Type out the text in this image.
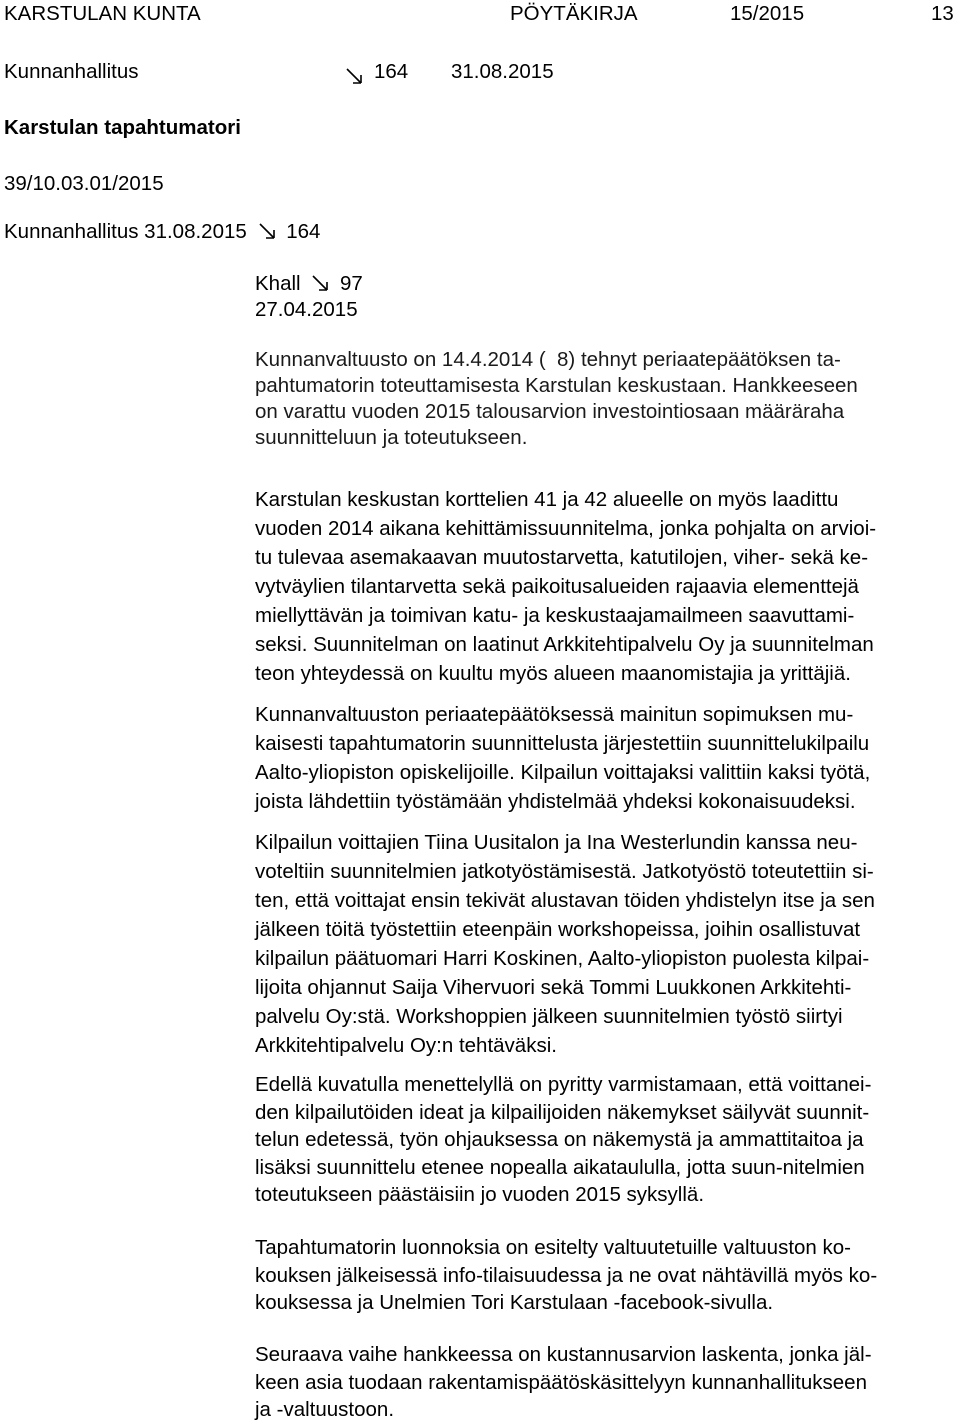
KARSTULAN KUNTA	PÖYTÄKIRJA	15/2015	13
Kunnanhallitus	164 31.08.2015
Karstulan tapahtumatori
39/10.03.01/2015
Kunnanhallitus 31.08.2015 164
Khall 97
27.04.2015
Kunnanvaltuusto on 14.4.2014 (  8) tehnyt periaatepäätöksen ta-
pahtumatorin toteuttamisesta Karstulan keskustaan. Hankkeeseen
on varattu vuoden 2015 talousarvion investointiosaan määräraha
suunnitteluun ja toteutukseen.
Karstulan keskustan korttelien 41 ja 42 alueelle on myös laadittu
vuoden 2014 aikana kehittämissuunnitelma, jonka pohjalta on arvioi-
tu tulevaa asemakaavan muutostarvetta, katutilojen, viher- sekä ke-
vytväylien tilantarvetta sekä paikoitusalueiden rajaavia elementtejä
miellyttävän ja toimivan katu- ja keskustaajamailmeen saavuttami-
seksi. Suunnitelman on laatinut Arkkitehtipalvelu Oy ja suunnitelman
teon yhteydessä on kuultu myös alueen maanomistajia ja yrittäjiä.
Kunnanvaltuuston periaatepäätöksessä mainitun sopimuksen mu-
kaisesti tapahtumatorin suunnittelusta järjestettiin suunnittelukilpailu
Aalto-yliopiston opiskelijoille. Kilpailun voittajaksi valittiin kaksi työtä,
joista lähdettiin työstämään yhdistelmää yhdeksi kokonaisuudeksi.
Kilpailun voittajien Tiina Uusitalon ja Ina Westerlundin kanssa neu-
voteltiin suunnitelmien jatkotyöstämisestä. Jatkotyöstö toteutettiin si-
ten, että voittajat ensin tekivät alustavan töiden yhdistelyn itse ja sen
jälkeen töitä työstettiin eteenpäin workshopeissa, joihin osallistuvat
kilpailun päätuomari Harri Koskinen, Aalto-yliopiston puolesta kilpai-
lijoita ohjannut Saija Vihervuori sekä Tommi Luukkonen Arkkitehti-
palvelu Oy:stä. Workshoppien jälkeen suunnitelmien työstö siirtyi
Arkkitehtipalvelu Oy:n tehtäväksi.
Edellä kuvatulla menettelyllä on pyritty varmistamaan, että voittanei-
den kilpailutöiden ideat ja kilpailijoiden näkemykset säilyvät suunnit-
telun edetessä, työn ohjauksessa on näkemystä ja ammattitaitoa ja
lisäksi suunnittelu etenee nopealla aikataululla, jotta suun-nitelmien
toteutukseen päästäisiin jo vuoden 2015 syksyllä.
Tapahtumatorin luonnoksia on esitelty valtuutetuille valtuuston ko-
kouksen jälkeisessä info-tilaisuudessa ja ne ovat nähtävillä myös ko-
kouksessa ja Unelmien Tori Karstulaan -facebook-sivulla.
Seuraava vaihe hankkeessa on kustannusarvion laskenta, jonka jäl-
keen asia tuodaan rakentamispäätöskäsittelyyn kunnanhallitukseen
ja -valtuustoon.
